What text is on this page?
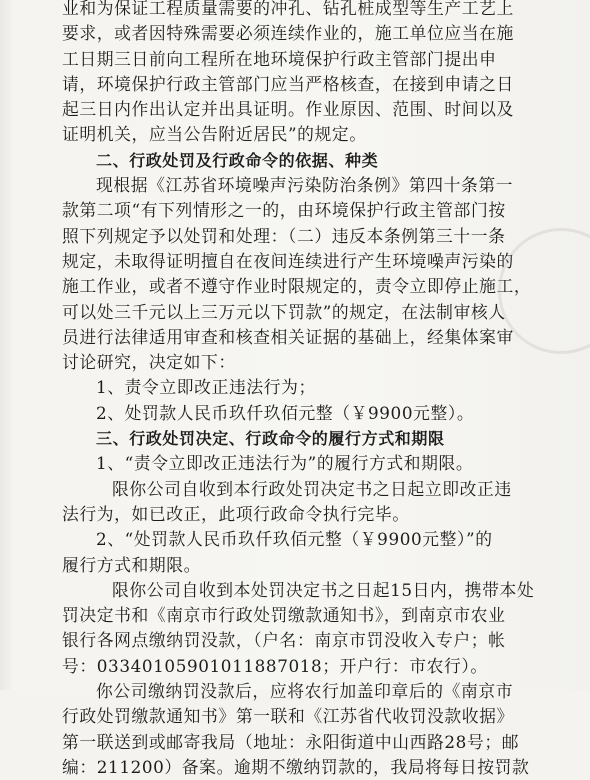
业和为保证工程质量需要的冲孔、钻孔桩成型等生产工艺上
要求，或者因特殊需要必须连续作业的，施工单位应当在施
工日期三日前向工程所在地环境保护行政主管部门提出申
请，环境保护行政主管部门应当严格核查，在接到申请之日
起三日内作出认定并出具证明。作业原因、范围、时间以及
证明机关，应当公告附近居民”的规定。
二、行政处罚及行政命令的依据、种类
现根据《江苏省环境噪声污染防治条例》第四十条第一
款第二项“有下列情形之一的，由环境保护行政主管部门按
照下列规定予以处罚和处理：（二）违反本条例第三十一条
规定，未取得证明擅自在夜间连续进行产生环境噪声污染的
施工作业，或者不遵守作业时限规定的，责令立即停止施工，
可以处三千元以上三万元以下罚款”的规定，在法制审核人
员进行法律适用审查和核查相关证据的基础上，经集体案审
讨论研究，决定如下：
1、责令立即改正违法行为；
2、处罚款人民币玖仟玖佰元整（￥9900元整）。
三、行政处罚决定、行政命令的履行方式和期限
1、“责令立即改正违法行为”的履行方式和期限。
限你公司自收到本行政处罚决定书之日起立即改正违
法行为，如已改正，此项行政命令执行完毕。
2、“处罚款人民币玖仟玖佰元整（￥9900元整）”的
履行方式和期限。
限你公司自收到本处罚决定书之日起15日内，携带本处
罚决定书和《南京市行政处罚缴款通知书》，到南京市农业
银行各网点缴纳罚没款，（户名：南京市罚没收入专户；帐
号：03340105901011887018；开户行：市农行）。
你公司缴纳罚没款后，应将农行加盖印章后的《南京市
行政处罚缴款通知书》第一联和《江苏省代收罚没款收据》
第一联送到或邮寄我局（地址：永阳街道中山西路28号；邮
编：211200）备案。逾期不缴纳罚款的，我局将每日按罚款
